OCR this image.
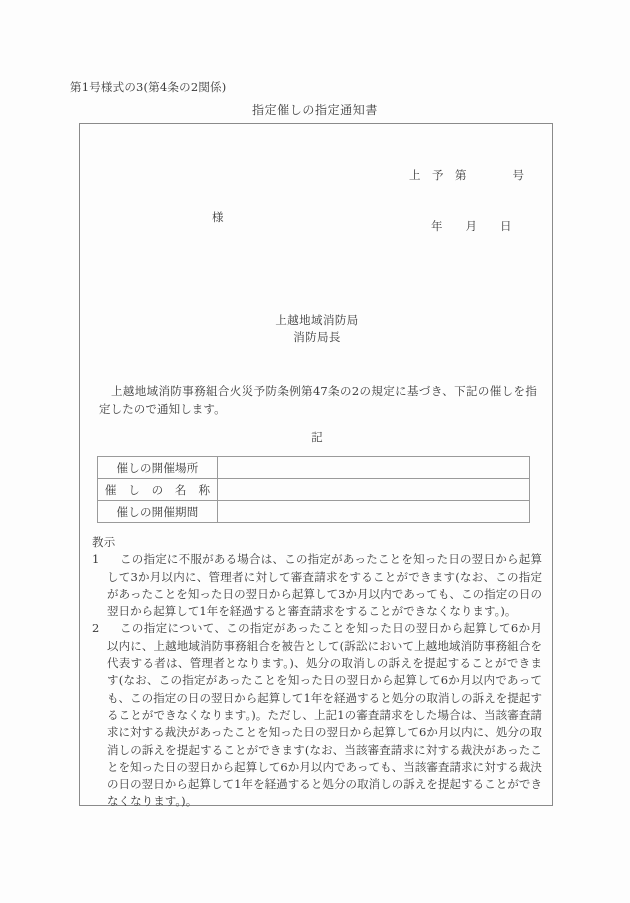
第1号様式の3(第4条の2関係)
指定催しの指定通知書

上　予　第　　　　号

年　　月　　日

様
上越地域消防局
消防局長
上越地域消防事務組合火災予防条例第47条の2の規定に基づき、下記の催しを指定したので通知します。
記
催しの開催場所	
催　し　の　名　称	
催しの開催期間	
教示
1	この指定に不服がある場合は、この指定があったことを知った日の翌日から起算して3か月以内に、管理者に対して審査請求をすることができます(なお、この指定があったことを知った日の翌日から起算して3か月以内であっても、この指定の日の翌日から起算して1年を経過すると審査請求をすることができなくなります。)。
2	この指定について、この指定があったことを知った日の翌日から起算して6か月以内に、上越地域消防事務組合を被告として(訴訟において上越地域消防事務組合を代表する者は、管理者となります。)、処分の取消しの訴えを提起することができます(なお、この指定があったことを知った日の翌日から起算して6か月以内であっても、この指定の日の翌日から起算して1年を経過すると処分の取消しの訴えを提起することができなくなります。)。ただし、上記1の審査請求をした場合は、当該審査請求に対する裁決があったことを知った日の翌日から起算して6か月以内に、処分の取消しの訴えを提起することができます(なお、当該審査請求に対する裁決があったことを知った日の翌日から起算して6か月以内であっても、当該審査請求に対する裁決の日の翌日から起算して1年を経過すると処分の取消しの訴えを提起することができなくなります。)。
